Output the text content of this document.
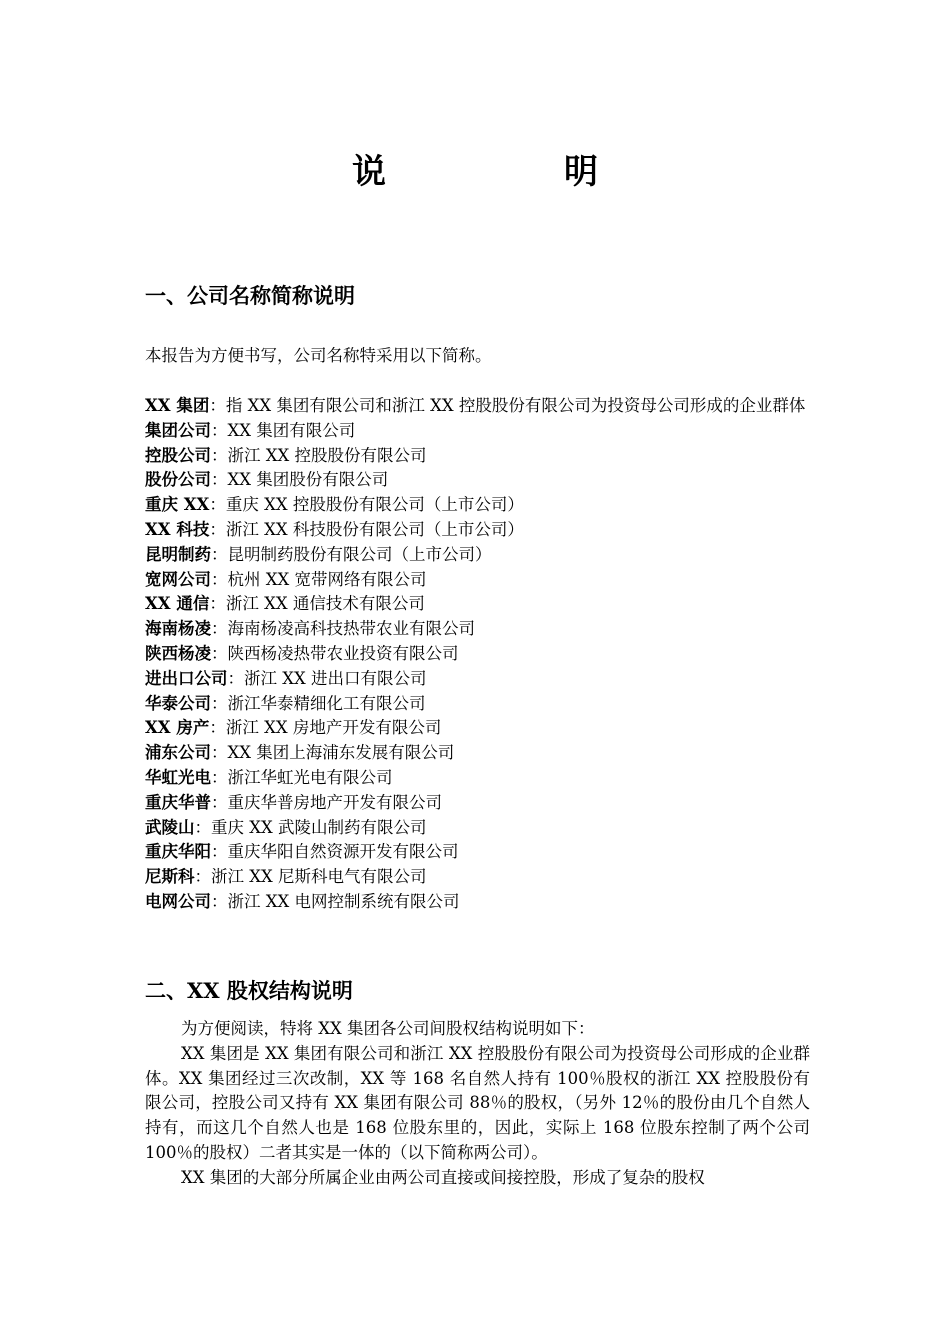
说　明
一、公司名称简称说明
本报告为方便书写，公司名称特采用以下简称。

XX 集团：指 XX 集团有限公司和浙江 XX 控股股份有限公司为投资母公司形成的企业群体

集团公司：XX 集团有限公司

控股公司：浙江 XX 控股股份有限公司

股份公司：XX 集团股份有限公司

重庆 XX：重庆 XX 控股股份有限公司（上市公司）

XX 科技：浙江 XX 科技股份有限公司（上市公司）

昆明制药：昆明制药股份有限公司（上市公司）

宽网公司：杭州 XX 宽带网络有限公司

XX 通信：浙江 XX 通信技术有限公司

海南杨凌：海南杨凌高科技热带农业有限公司

陕西杨凌：陕西杨凌热带农业投资有限公司

进出口公司：浙江 XX 进出口有限公司

华泰公司：浙江华泰精细化工有限公司

XX 房产：浙江 XX 房地产开发有限公司

浦东公司：XX 集团上海浦东发展有限公司

华虹光电：浙江华虹光电有限公司

重庆华普：重庆华普房地产开发有限公司

武陵山：重庆 XX 武陵山制药有限公司

重庆华阳：重庆华阳自然资源开发有限公司

尼斯科：浙江 XX 尼斯科电气有限公司

电网公司：浙江 XX 电网控制系统有限公司

二、XX 股权结构说明

为方便阅读，特将 XX 集团各公司间股权结构说明如下：

XX 集团是 XX 集团有限公司和浙江 XX 控股股份有限公司为投资母公司形成的企业群体。XX 集团经过三次改制，XX 等 168 名自然人持有 100％股权的浙江 XX 控股股份有限公司，控股公司又持有 XX 集团有限公司 88％的股权，（另外 12％的股份由几个自然人持有，而这几个自然人也是 168 位股东里的，因此，实际上 168 位股东控制了两个公司 100％的股权）二者其实是一体的（以下简称两公司）。

XX 集团的大部分所属企业由两公司直接或间接控股，形成了复杂的股权
